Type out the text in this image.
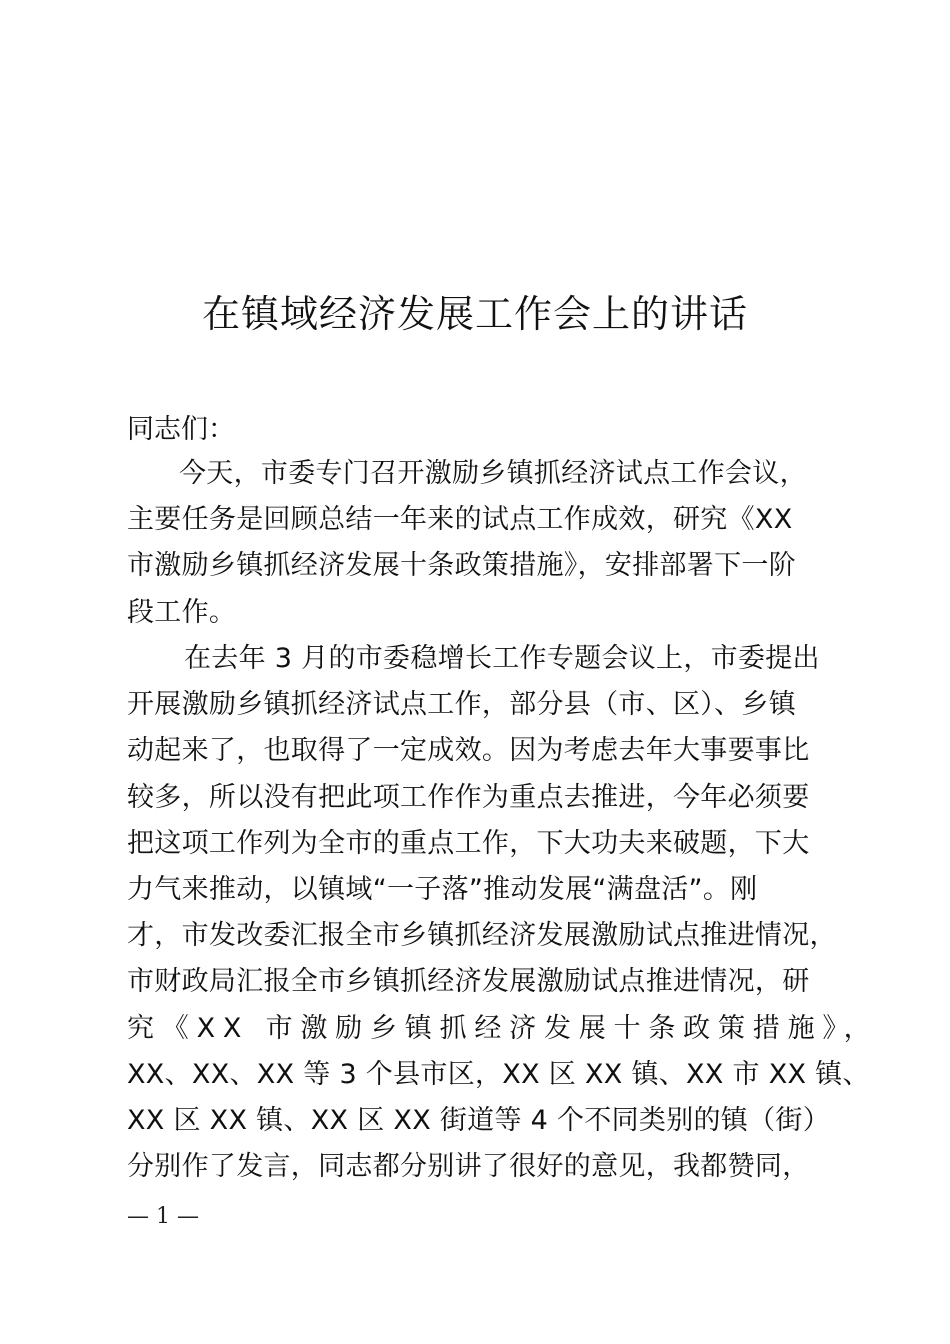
在镇域经济发展工作会上的讲话

同志们：

今天，市委专门召开激励乡镇抓经济试点工作会议，
主要任务是回顾总结一年来的试点工作成效，研究《XX
市激励乡镇抓经济发展十条政策措施》，安排部署下一阶
段工作。
在去年 3 月的市委稳增长工作专题会议上，市委提出
开展激励乡镇抓经济试点工作，部分县（市、区）、乡镇
动起来了，也取得了一定成效。因为考虑去年大事要事比
较多，所以没有把此项工作作为重点去推进，今年必须要
把这项工作列为全市的重点工作，下大功夫来破题，下大
力气来推动，以镇域“一子落”推动发展“满盘活”。刚
才，市发改委汇报全市乡镇抓经济发展激励试点推进情况，
市财政局汇报全市乡镇抓经济发展激励试点推进情况，研
究《XX 市激励乡镇抓经济发展十条政策措施》，
XX、XX、XX 等 3 个县市区，XX 区 XX 镇、XX 市 XX 镇、
XX 区 XX 镇、XX 区 XX 街道等 4 个不同类别的镇（街）
分别作了发言，同志都分别讲了很好的意见，我都赞同，
— 1 —
